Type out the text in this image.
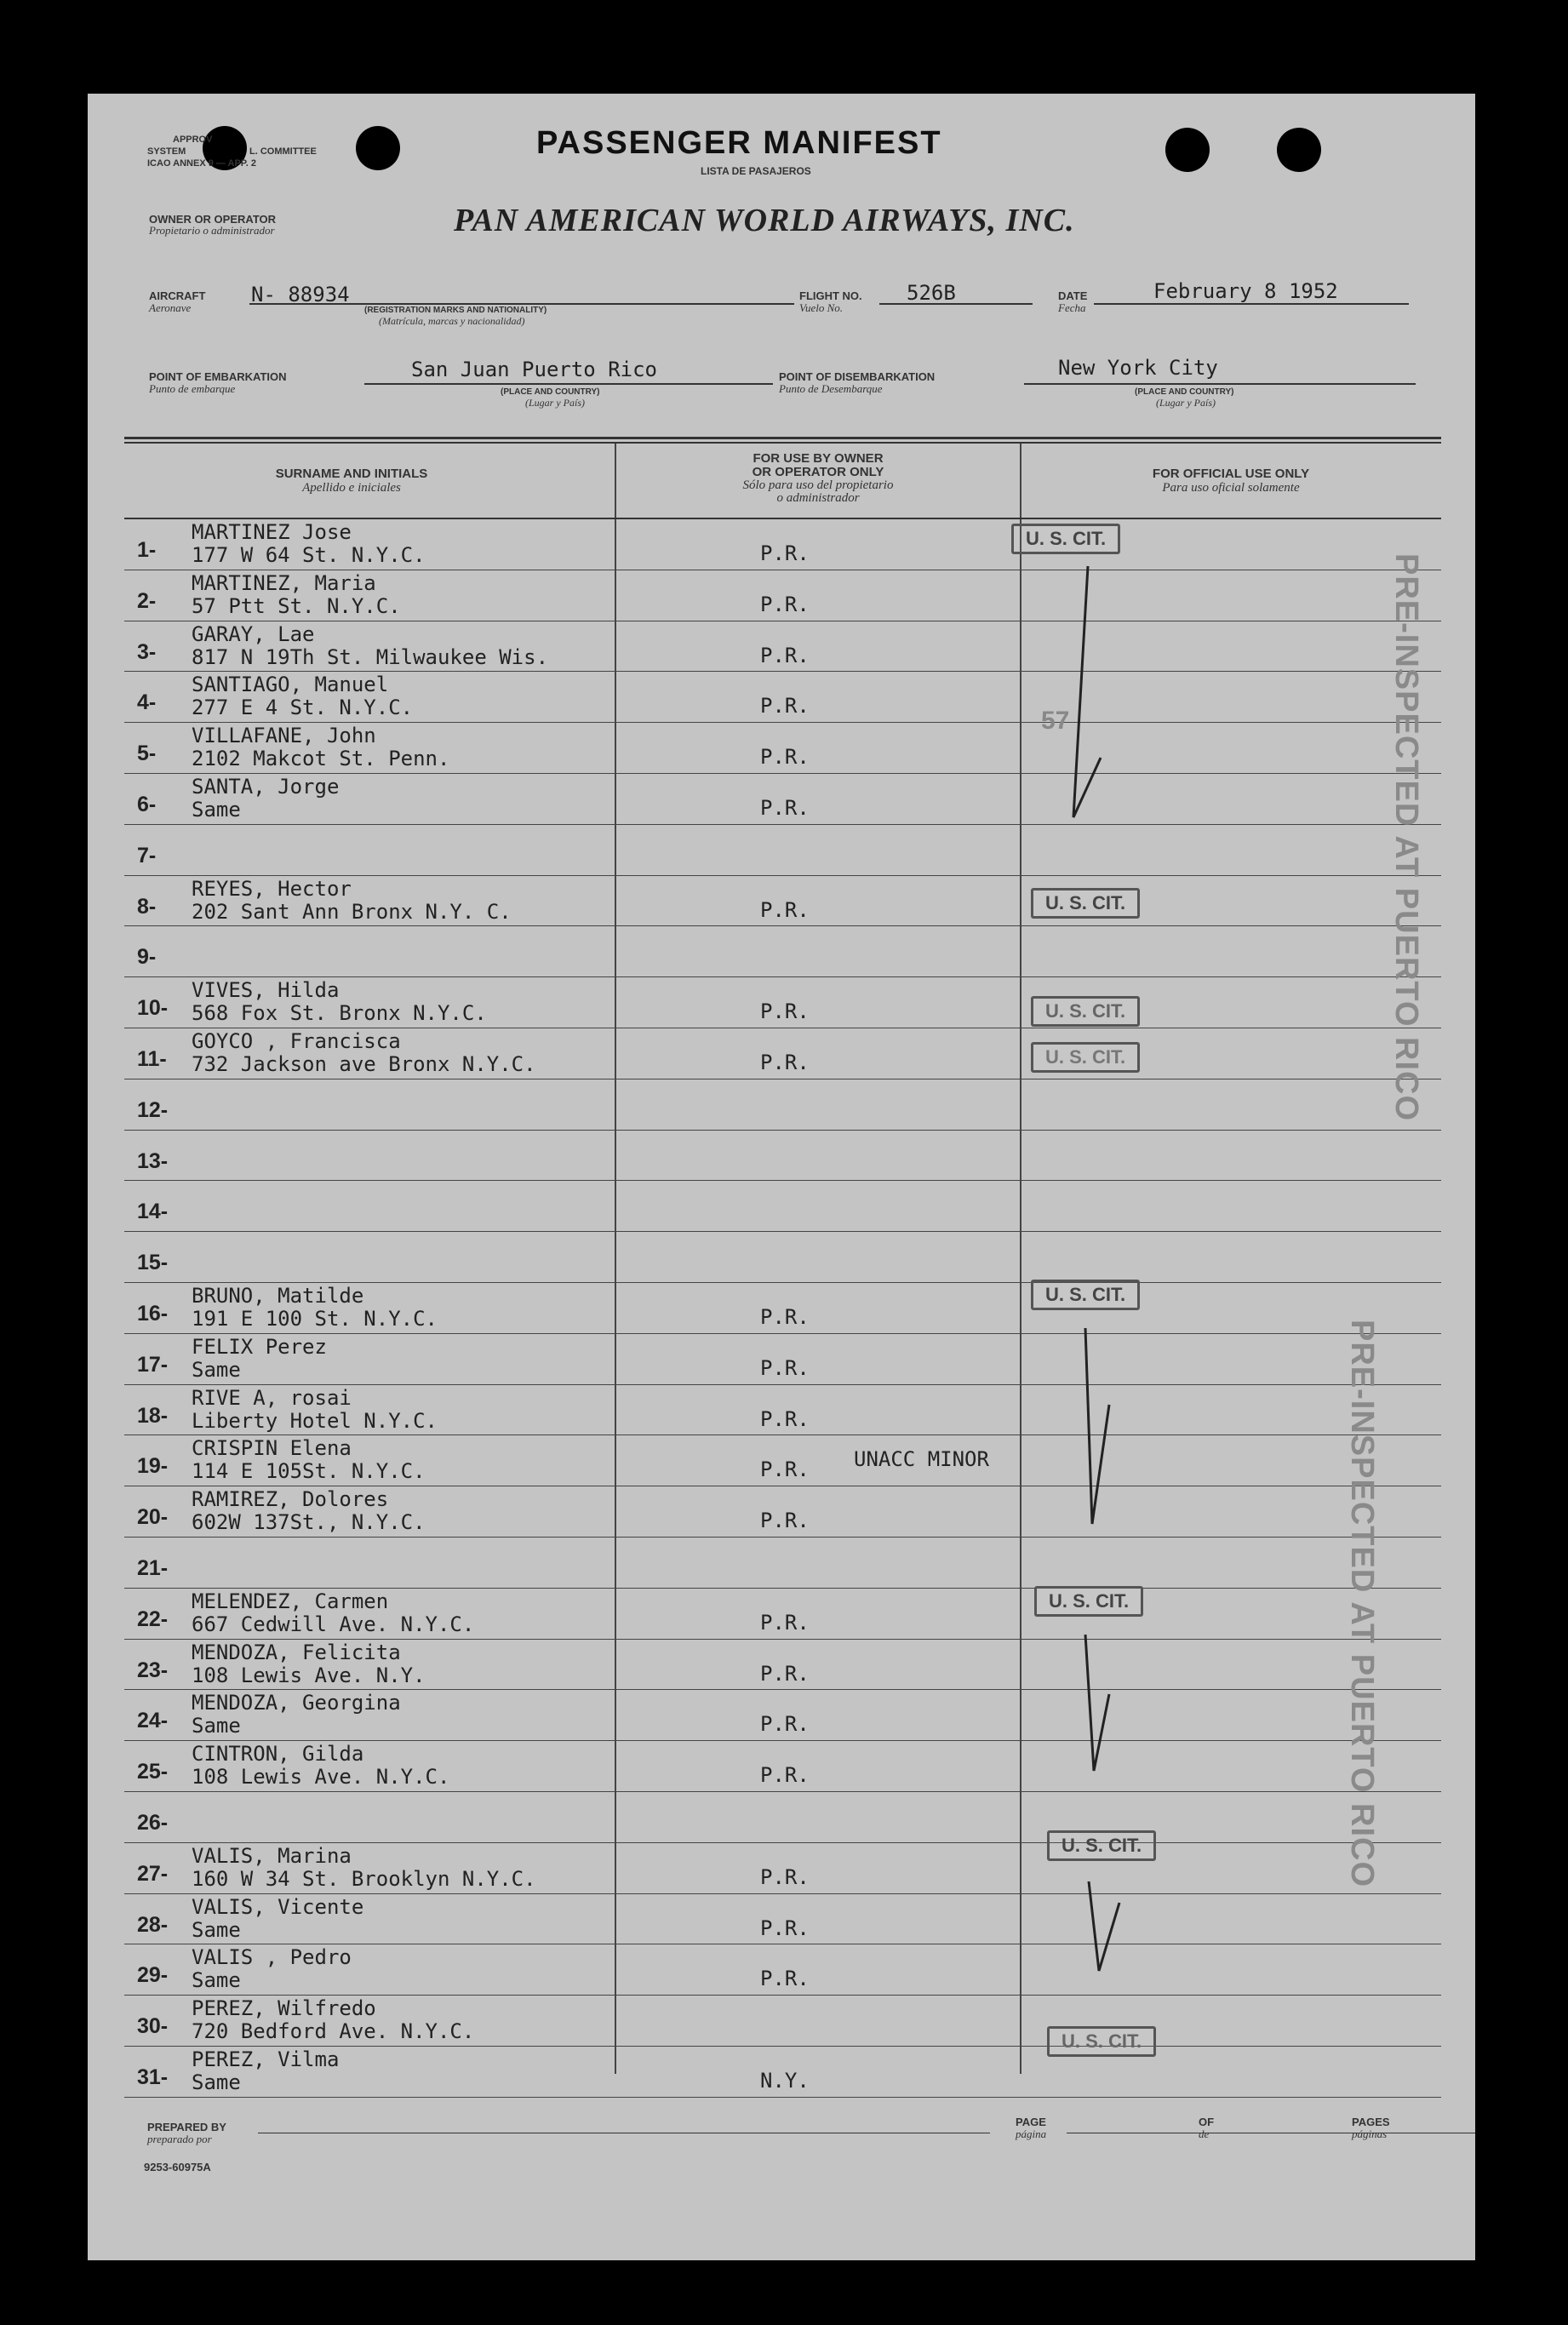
APPROV
SYSTEM	L. COMMITTEE
ICAO ANNEX 9 — APP. 2
PASSENGER MANIFEST
LISTA DE PASAJEROS
OWNER OR OPERATOR
Propietario o administrador	PAN AMERICAN WORLD AIRWAYS, INC.
AIRCRAFT
Aeronave
N- 88934
(REGISTRATION MARKS AND NATIONALITY)
(Matrícula, marcas y nacionalidad)
FLIGHT NO.
Vuelo No.
526B	DATE
Fecha
February 8 1952
POINT OF EMBARKATION
Punto de embarque
San Juan Puerto Rico
(PLACE AND COUNTRY)
(Lugar y País)
POINT OF DISEMBARKATION
Punto de Desembarque
New York City
(PLACE AND COUNTRY)
(Lugar y País)
SURNAME AND INITIALS
Apellido e iniciales
FOR USE BY OWNER
OR OPERATOR ONLY
Sólo para uso del propietario
o administrador
FOR OFFICIAL USE ONLY
Para uso oficial solamente
1-
MARTINEZ Jose
177 W 64 St. N.Y.C.	P.R.
2-
MARTINEZ, Maria
57 Ptt St. N.Y.C.	P.R.
3-
GARAY, Lae
817 N 19Th St. Milwaukee Wis.	P.R.
4-
SANTIAGO, Manuel
277 E 4 St. N.Y.C.	P.R.
5-
VILLAFANE, John
2102 Makcot St. Penn.	P.R.
6-
SANTA, Jorge
Same	P.R.
7-
8-
REYES, Hector
202 Sant Ann Bronx N.Y. C.	P.R.
9-
10-
VIVES, Hilda
568 Fox St. Bronx N.Y.C.	P.R.
11-
GOYCO , Francisca
732 Jackson ave Bronx N.Y.C.	P.R.
12-
13-
14-
15-
16-
BRUNO, Matilde
191 E 100 St. N.Y.C.	P.R.
17-
FELIX Perez
Same	P.R.
18-
RIVE A, rosai
Liberty Hotel N.Y.C.	P.R.
19-
CRISPIN Elena
114 E 105St. N.Y.C.	P.R. UNACC MINOR
20-
RAMIREZ, Dolores
602W 137St., N.Y.C.	P.R.
21-
22-
MELENDEZ, Carmen
667 Cedwill Ave. N.Y.C.	P.R.
23-
MENDOZA, Felicita
108 Lewis Ave. N.Y.	P.R.
24-
MENDOZA, Georgina
Same	P.R.
25-
CINTRON, Gilda
108 Lewis Ave. N.Y.C.	P.R.
26-
27-
VALIS, Marina
160 W 34 St. Brooklyn N.Y.C.	P.R.
28-
VALIS, Vicente
Same	P.R.
29-
VALIS , Pedro
Same	P.R.
30-
PEREZ, Wilfredo
720 Bedford Ave. N.Y.C.
31-
PEREZ, Vilma
Same	N.Y.
U. S. CIT.
U. S. CIT.
U. S. CIT.
U. S. CIT.
U. S. CIT.
U. S. CIT.
U. S. CIT.
U. S. CIT.
57	PRE-INSPECTED AT PUERTO RICO
PRE-INSPECTED AT PUERTO RICO
PREPARED BY
preparado por
PAGE
página
OF
de
PAGES
páginas
9253-60975A
